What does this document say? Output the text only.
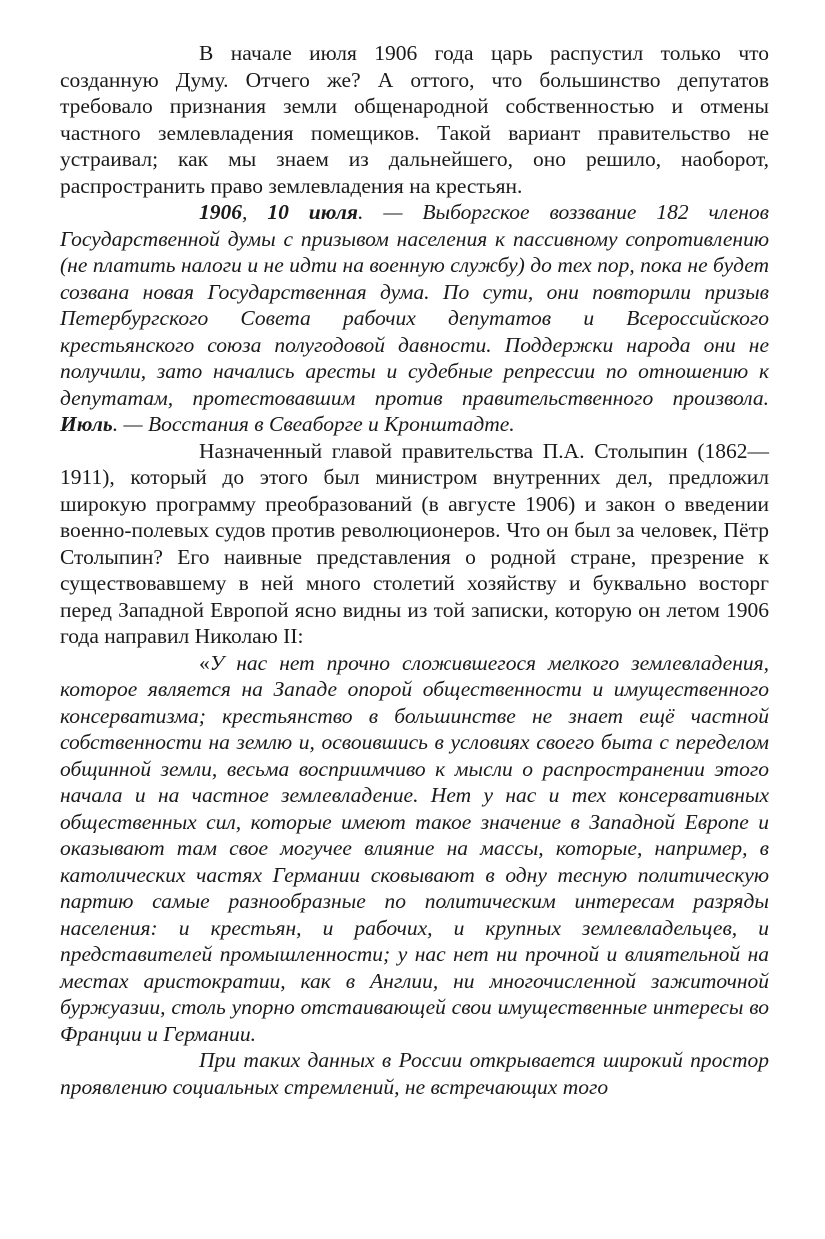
В начале июля 1906 года царь распустил только что созданную Думу. Отчего же? А оттого, что большинство депутатов требовало признания земли общенародной собственностью и отмены частного землевладения помещиков. Такой вариант правительство не устраивал; как мы знаем из дальнейшего, оно решило, наоборот, распространить право землевладения на крестьян.

1906, 10 июля. — Выборгское воззвание 182 членов Государственной думы с призывом населения к пассивному сопротивлению (не платить налоги и не идти на военную службу) до тех пор, пока не будет созвана новая Государственная дума. По сути, они повторили призыв Петербургского Совета рабочих депутатов и Всероссийского крестьянского союза полугодовой давности. Поддержки народа они не получили, зато начались аресты и судебные репрессии по отношению к депутатам, протестовавшим против правительственного произвола. Июль. — Восстания в Свеаборге и Кронштадте.

Назначенный главой правительства П.А. Столыпин (1862—1911), который до этого был министром внутренних дел, предложил широкую программу преобразований (в августе 1906) и закон о введении военно-полевых судов против революционеров. Что он был за человек, Пётр Столыпин? Его наивные представления о родной стране, презрение к существовавшему в ней много столетий хозяйству и буквально восторг перед Западной Европой ясно видны из той записки, которую он летом 1906 года направил Николаю II:

«У нас нет прочно сложившегося мелкого землевладения, которое является на Западе опорой общественности и имущественного консерватизма; крестьянство в большинстве не знает ещё частной собственности на землю и, освоившись в условиях своего быта с переделом общинной земли, весьма восприимчиво к мысли о распространении этого начала и на частное землевладение. Нет у нас и тех консервативных общественных сил, которые имеют такое значение в Западной Европе и оказывают там свое могучее влияние на массы, которые, например, в католических частях Германии сковывают в одну тесную политическую партию самые разнообразные по политическим интересам разряды населения: и крестьян, и рабочих, и крупных землевладельцев, и представителей промышленности; у нас нет ни прочной и влиятельной на местах аристократии, как в Англии, ни многочисленной зажиточной буржуазии, столь упорно отстаивающей свои имущественные интересы во Франции и Германии.

При таких данных в России открывается широкий простор проявлению социальных стремлений, не встречающих того
